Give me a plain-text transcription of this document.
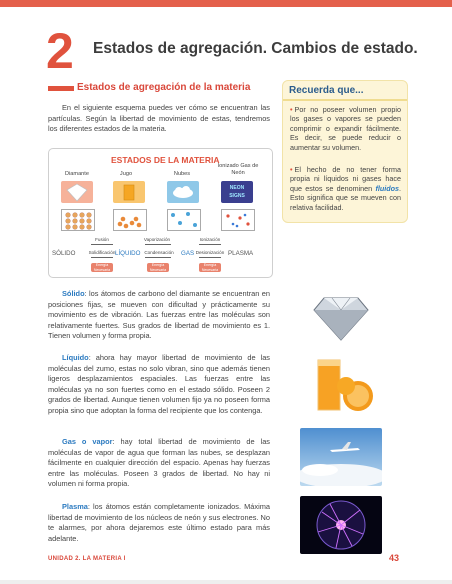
2 Estados de agregación. Cambios de estado.
Estados de agregación de la materia
En el siguiente esquema puedes ver cómo se encuentran las partículas. Según la libertad de movimiento de estas, tendremos los diferentes estados de la materia.
Recuerda que...
• Por no poseer volumen propio los gases o vapores se pueden comprimir o expandir fácilmente. Es decir, se puede reducir o aumentar su volumen.
• El hecho de no tener forma propia ni líquidos ni gases hace que estos se denominen fluidos. Esto significa que se mueven con relativa facilidad.
ESTADOS DE LA MATERIA
Diamante	Jugo	Nubes
Ionizado Gas de Neón
NEON
SIGNS
Fusión	Vaporización	Ionización
Solidificación	Condensación	Desionización
Energía Necesaria
Energía Necesaria
Energía Necesaria
SÓLIDO	LÍQUIDO	GAS	PLASMA
Sólido: los átomos de carbono del diamante se encuentran en posiciones fijas, se mueven con dificultad y prácticamente su movimiento es de vibración. Las fuerzas entre las moléculas son relativamente fuertes. Sus grados de libertad de movimiento es 1. Tienen volumen y forma propia.
Líquido: ahora hay mayor libertad de movimiento de las moléculas del zumo, estas no solo vibran, sino que además tienen ligeros desplazamientos espaciales. Las fuerzas entre las moléculas ya no son fuertes como en el estado sólido. Poseen 2 grados de libertad. Aunque tienen volumen fijo ya no poseen forma propia sino que adoptan la forma del recipiente que los contenga.
Gas o vapor: hay total libertad de movimiento de las moléculas de vapor de agua que forman las nubes, se desplazan fácilmente en cualquier dirección del espacio. Apenas hay fuerzas entre las moléculas. Poseen 3 grados de libertad. No hay ni volumen ni forma propia.
Plasma: los átomos están completamente ionizados. Máxima libertad de movimiento de los núcleos de neón y sus electrones. No te alarmes, por ahora dejaremos este último estado para más adelante.
UNIDAD 2. LA MATERIA I	43
